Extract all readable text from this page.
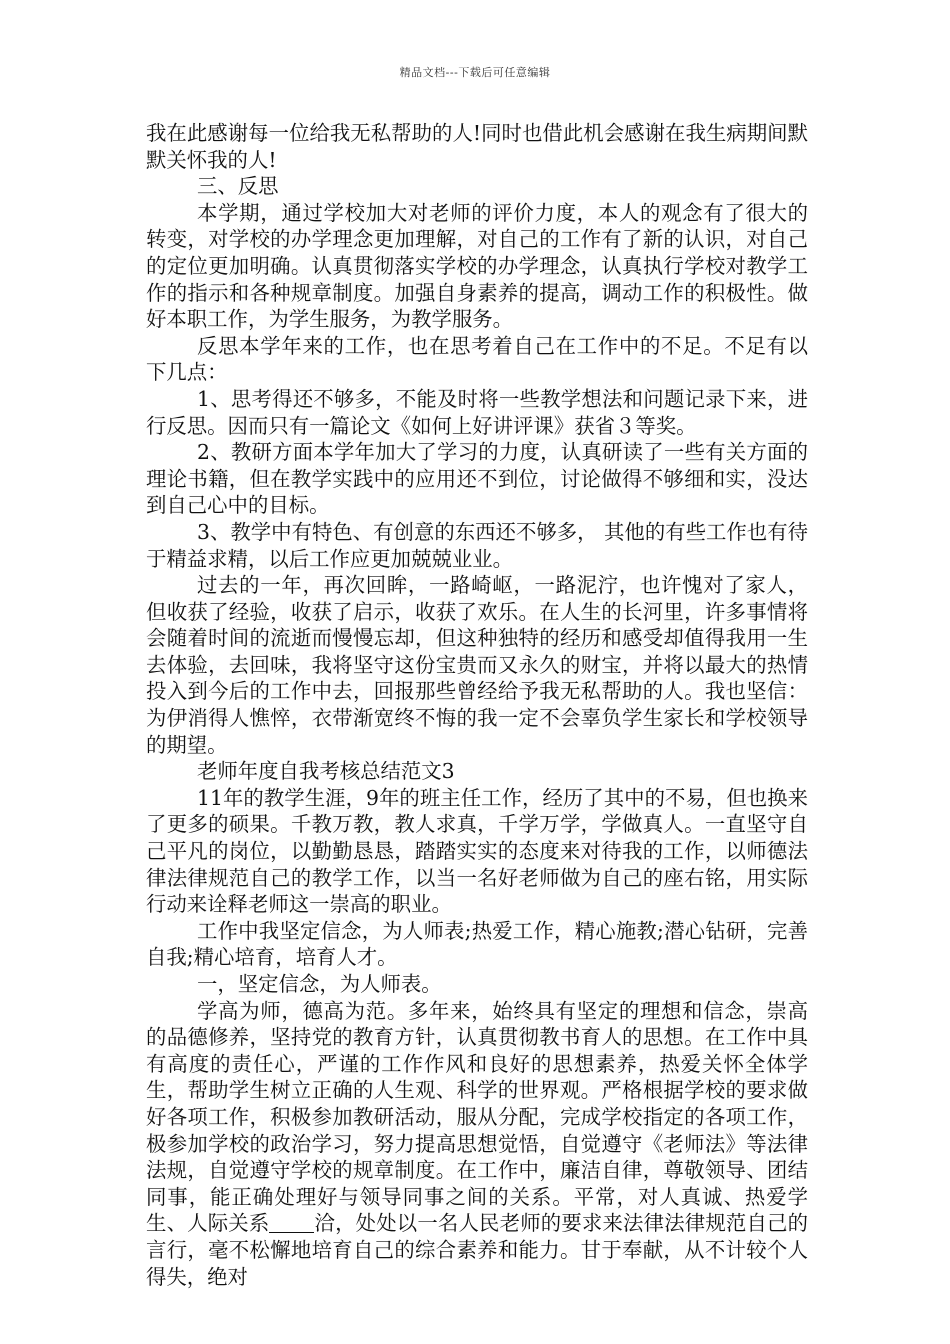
精品文档---下载后可任意编辑

我在此感谢每一位给我无私帮助的人!同时也借此机会感谢在我生病期间默默关怀我的人!

三、反思

本学期，通过学校加大对老师的评价力度，本人的观念有了很大的转变，对学校的办学理念更加理解，对自己的工作有了新的认识，对自己的定位更加明确。认真贯彻落实学校的办学理念，认真执行学校对教学工作的指示和各种规章制度。加强自身素养的提高，调动工作的积极性。做好本职工作，为学生服务，为教学服务。

反思本学年来的工作，也在思考着自己在工作中的不足。不足有以下几点：

1、思考得还不够多，不能及时将一些教学想法和问题记录下来，进行反思。因而只有一篇论文《如何上好讲评课》获省３等奖。

2、教研方面本学年加大了学习的力度，认真研读了一些有关方面的理论书籍，但在教学实践中的应用还不到位，讨论做得不够细和实，没达到自己心中的目标。

3、教学中有特色、有创意的东西还不够多， 其他的有些工作也有待于精益求精，以后工作应更加兢兢业业。

过去的一年，再次回眸，一路崎岖，一路泥泞，也许愧对了家人，但收获了经验，收获了启示，收获了欢乐。在人生的长河里，许多事情将会随着时间的流逝而慢慢忘却，但这种独特的经历和感受却值得我用一生去体验，去回味，我将坚守这份宝贵而又永久的财宝，并将以最大的热情投入到今后的工作中去，回报那些曾经给予我无私帮助的人。我也坚信：为伊消得人憔悴，衣带渐宽终不悔的我一定不会辜负学生家长和学校领导的期望。

老师年度自我考核总结范文3

11年的教学生涯，9年的班主任工作，经历了其中的不易，但也换来了更多的硕果。千教万教，教人求真，千学万学，学做真人。一直坚守自己平凡的岗位，以勤勤恳恳，踏踏实实的态度来对待我的工作，以师德法律法律规范自己的教学工作，以当一名好老师做为自己的座右铭，用实际行动来诠释老师这一崇高的职业。

工作中我坚定信念，为人师表;热爱工作，精心施教;潜心钻研，完善自我;精心培育，培育人才。

一，坚定信念，为人师表。

学高为师，德高为范。多年来，始终具有坚定的理想和信念，崇高的品德修养，坚持党的教育方针，认真贯彻教书育人的思想。在工作中具有高度的责任心，严谨的工作作风和良好的思想素养，热爱关怀全体学生，帮助学生树立正确的人生观、科学的世界观。严格根据学校的要求做好各项工作，积极参加教研活动，服从分配，完成学校指定的各项工作，极参加学校的政治学习，努力提高思想觉悟，自觉遵守《老师法》等法律法规，自觉遵守学校的规章制度。在工作中，廉洁自律，尊敬领导、团结同事，能正确处理好与领导同事之间的关系。平常，对人真诚、热爱学生、人际关系 洽，处处以一名人民老师的要求来法律法律规范自己的言行，毫不松懈地培育自己的综合素养和能力。甘于奉献，从不计较个人得失，绝对
